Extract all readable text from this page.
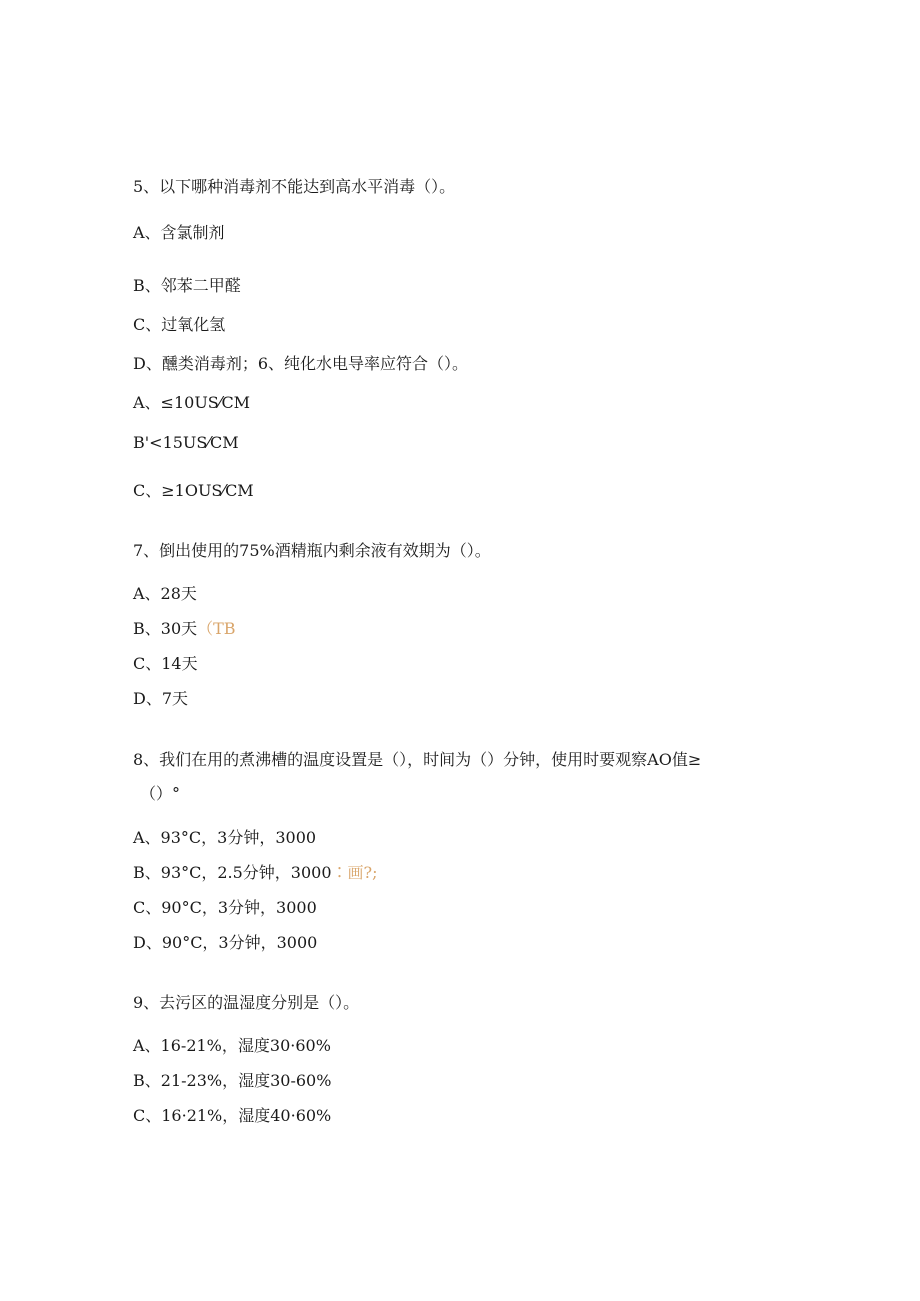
5、以下哪种消毒剂不能达到高水平消毒（）。
A、含氯制剂
B、邻苯二甲醛
C、过氧化氢
D、醺类消毒剂；6、纯化水电导率应符合（）。
A、≤10US⁄CM
B'<15US⁄CM
C、≥1OUS⁄CM
7、倒出使用的75%酒精瓶内剩余液有效期为（）。
A、28天
B、30天（TB
C、14天
D、7天
8、我们在用的煮沸槽的温度设置是（），时间为（）分钟，使用时要观察AO值≥
（）°
A、93°C，3分钟，3000
B、93°C，2.5分钟，3000∶画?;
C、90°C，3分钟，3000
D、90°C，3分钟，3000
9、去污区的温湿度分别是（）。
A、16-21%，湿度30·60%
B、21-23%，湿度30-60%
C、16·21%，湿度40·60%
